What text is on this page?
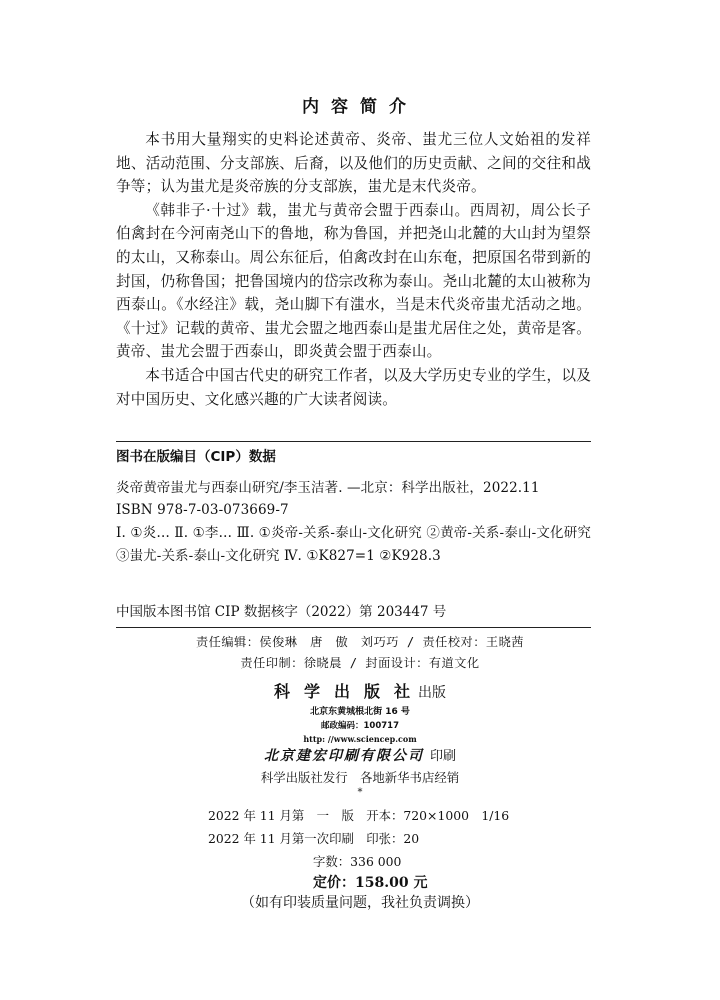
内容简介

本书用大量翔实的史料论述黄帝、炎帝、蚩尤三位人文始祖的发祥地、活动范围、分支部族、后裔，以及他们的历史贡献、之间的交往和战争等；认为蚩尤是炎帝族的分支部族，蚩尤是末代炎帝。

《韩非子·十过》载，蚩尤与黄帝会盟于西泰山。西周初，周公长子伯禽封在今河南尧山下的鲁地，称为鲁国，并把尧山北麓的大山封为望祭的太山，又称泰山。周公东征后，伯禽改封在山东奄，把原国名带到新的封国，仍称鲁国；把鲁国境内的岱宗改称为泰山。尧山北麓的太山被称为西泰山。《水经注》载，尧山脚下有滍水，当是末代炎帝蚩尤活动之地。《十过》记载的黄帝、蚩尤会盟之地西泰山是蚩尤居住之处，黄帝是客。黄帝、蚩尤会盟于西泰山，即炎黄会盟于西泰山。

本书适合中国古代史的研究工作者，以及大学历史专业的学生，以及对中国历史、文化感兴趣的广大读者阅读。

图书在版编目（CIP）数据
炎帝黄帝蚩尤与西泰山研究/李玉洁著. —北京：科学出版社，2022.11
ISBN 978-7-03-073669-7
Ⅰ. ①炎… Ⅱ. ①李… Ⅲ. ①炎帝-关系-泰山-文化研究 ②黄帝-关系-泰山-文化研究 ③蚩尤-关系-泰山-文化研究 Ⅳ. ①K827=1 ②K928.3
中国版本图书馆 CIP 数据核字（2022）第 203447 号
责任编辑：侯俊琳　唐　傲　刘巧巧 / 责任校对：王晓茜
责任印制：徐晓晨 / 封面设计：有道文化
科学出版社出版
北京东黄城根北街 16 号
邮政编码：100717
http: //www.sciencep.com
北京建宏印刷有限公司 印刷
科学出版社发行　各地新华书店经销
*
2022 年 11 月第　一　版　开本：720×1000　1/16
2022 年 11 月第一次印刷　印张：20
字数：336 000
定价：158.00 元
（如有印装质量问题，我社负责调换）
